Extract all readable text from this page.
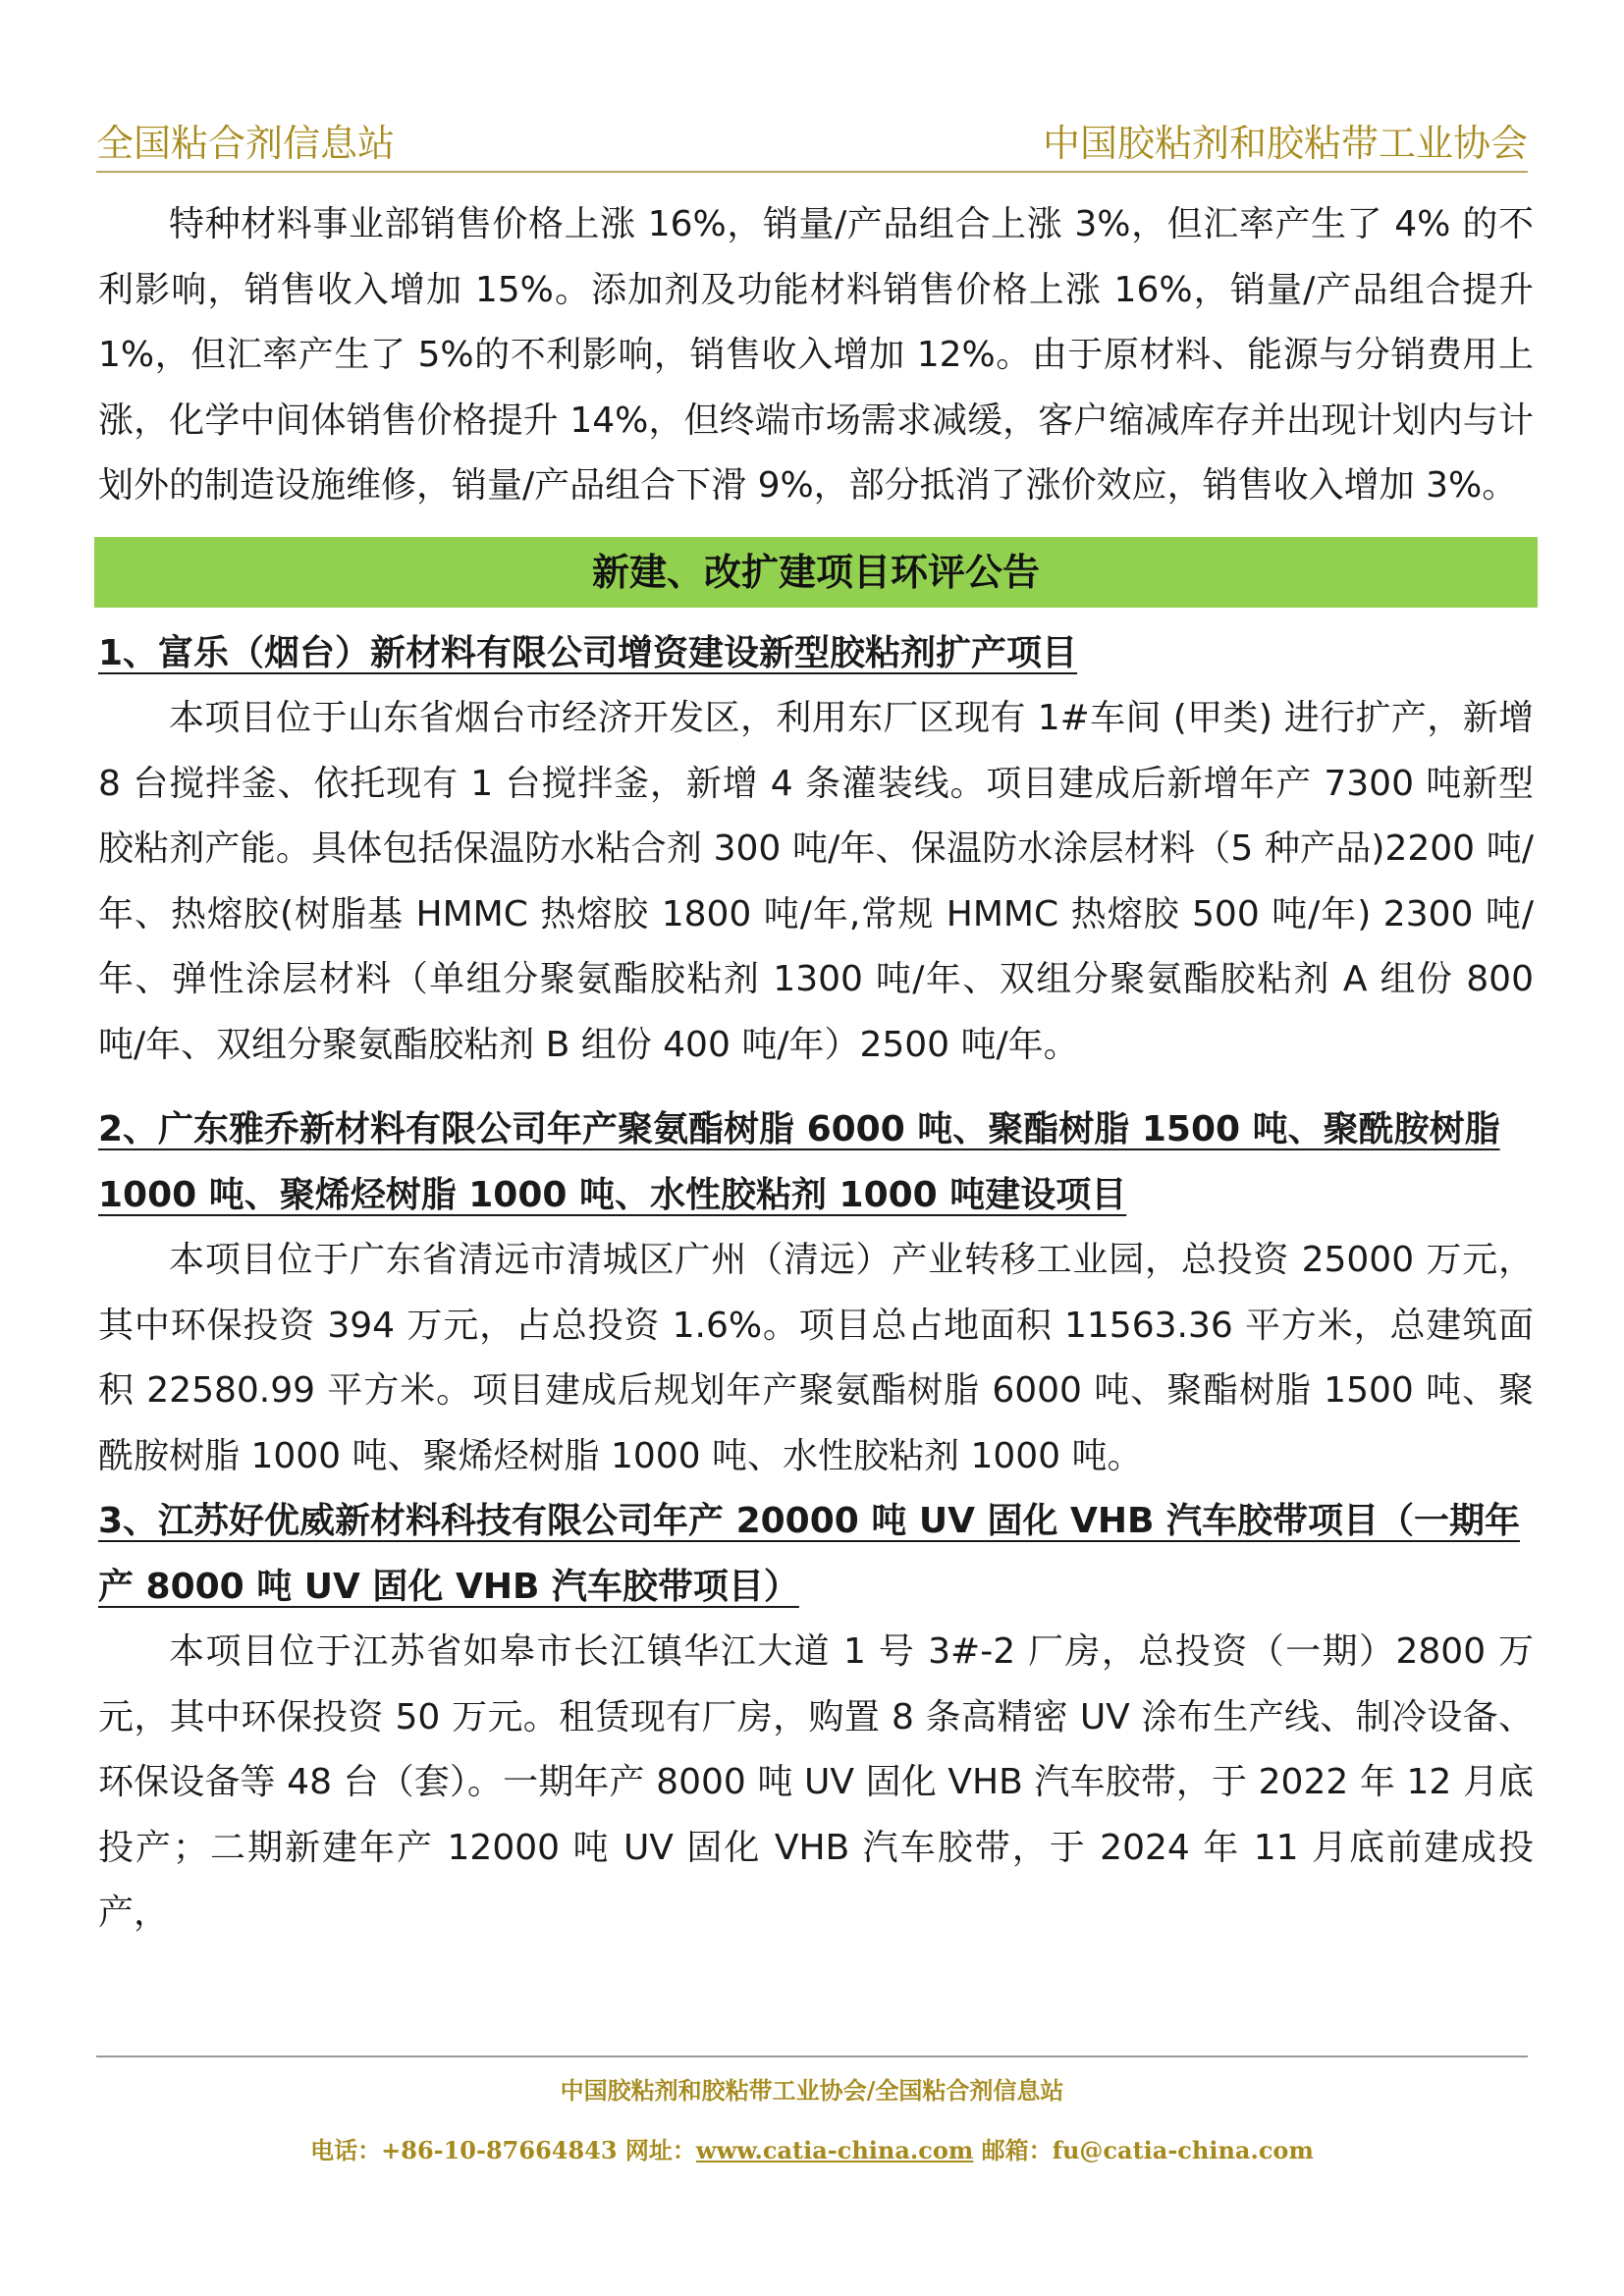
全国粘合剂信息站	中国胶粘剂和胶粘带工业协会

特种材料事业部销售价格上涨 16%，销量/产品组合上涨 3%，但汇率产生了 4% 的不利影响，销售收入增加 15%。添加剂及功能材料销售价格上涨 16%，销量/产品组合提升 1%，但汇率产生了 5%的不利影响，销售收入增加 12%。由于原材料、能源与分销费用上涨，化学中间体销售价格提升 14%，但终端市场需求减缓，客户缩减库存并出现计划内与计划外的制造设施维修，销量/产品组合下滑 9%，部分抵消了涨价效应，销售收入增加 3%。

新建、改扩建项目环评公告

1、富乐（烟台）新材料有限公司增资建设新型胶粘剂扩产项目

本项目位于山东省烟台市经济开发区，利用东厂区现有 1#车间 (甲类) 进行扩产，新增 8 台搅拌釜、依托现有 1 台搅拌釜，新增 4 条灌装线。项目建成后新增年产 7300 吨新型胶粘剂产能。具体包括保温防水粘合剂 300 吨/年、保温防水涂层材料（5 种产品)2200 吨/年、热熔胶(树脂基 HMMC 热熔胶 1800 吨/年,常规 HMMC 热熔胶 500 吨/年) 2300 吨/年、弹性涂层材料（单组分聚氨酯胶粘剂 1300 吨/年、双组分聚氨酯胶粘剂 A 组份 800 吨/年、双组分聚氨酯胶粘剂 B 组份 400 吨/年）2500 吨/年。

2、广东雅乔新材料有限公司年产聚氨酯树脂 6000 吨、聚酯树脂 1500 吨、聚酰胺树脂 1000 吨、聚烯烃树脂 1000 吨、水性胶粘剂 1000 吨建设项目

本项目位于广东省清远市清城区广州（清远）产业转移工业园，总投资 25000 万元，其中环保投资 394 万元，占总投资 1.6%。项目总占地面积 11563.36 平方米，总建筑面积 22580.99 平方米。项目建成后规划年产聚氨酯树脂 6000 吨、聚酯树脂 1500 吨、聚酰胺树脂 1000 吨、聚烯烃树脂 1000 吨、水性胶粘剂 1000 吨。

3、江苏好优威新材料科技有限公司年产 20000 吨 UV 固化 VHB 汽车胶带项目（一期年产 8000 吨 UV 固化 VHB 汽车胶带项目）

本项目位于江苏省如皋市长江镇华江大道 1 号 3#-2 厂房，总投资（一期）2800 万元，其中环保投资 50 万元。租赁现有厂房，购置 8 条高精密 UV 涂布生产线、制冷设备、环保设备等 48 台（套）。一期年产 8000 吨 UV 固化 VHB 汽车胶带，于 2022 年 12 月底投产；二期新建年产 12000 吨 UV 固化 VHB 汽车胶带，于 2024 年 11 月底前建成投产，

中国胶粘剂和胶粘带工业协会/全国粘合剂信息站
电话：+86-10-87664843 网址：www.catia-china.com 邮箱：fu@catia-china.com
